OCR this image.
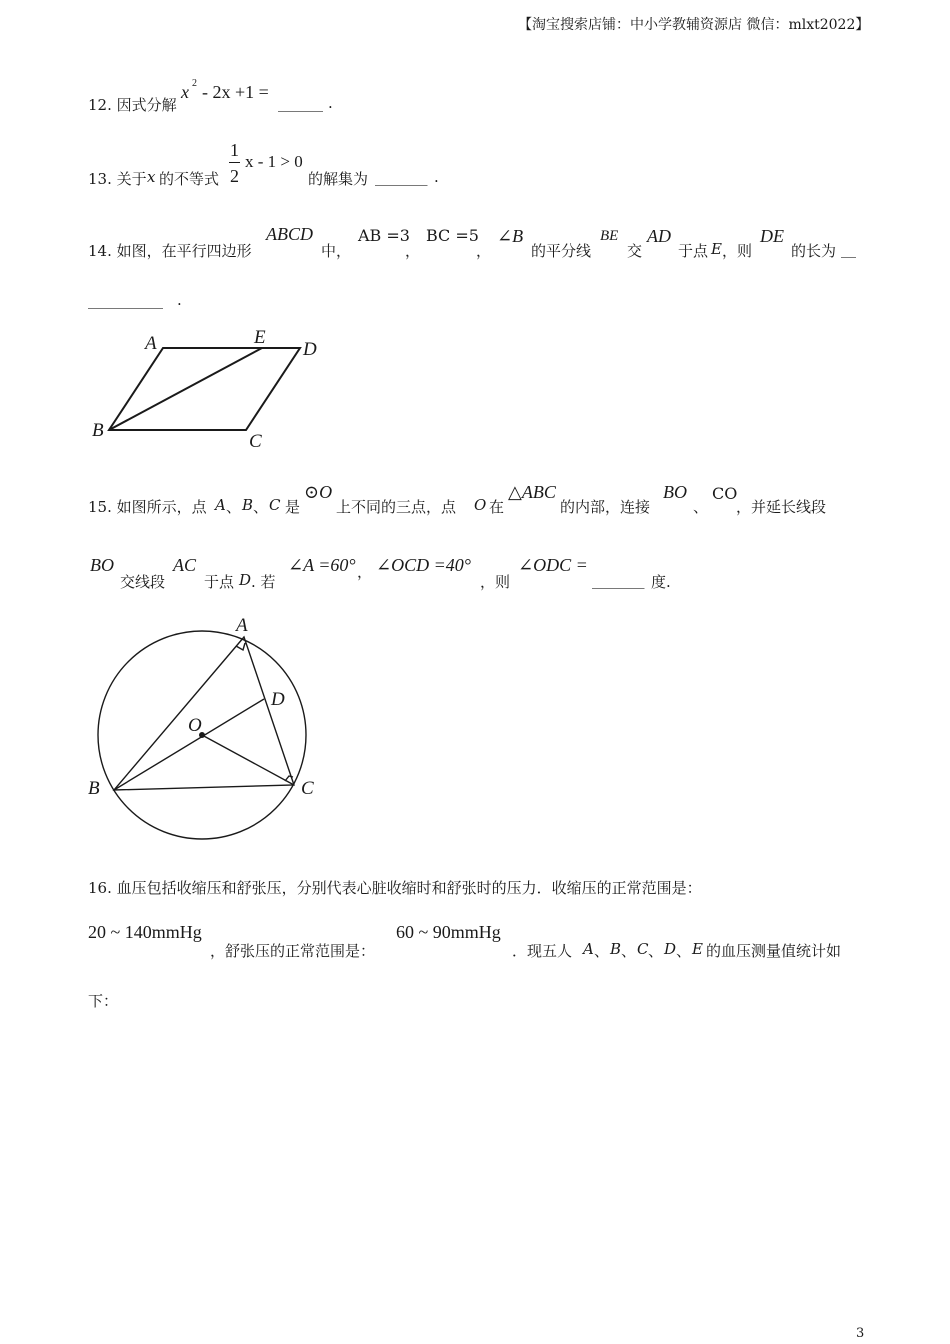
【淘宝搜索店铺：中小学教辅资源店 微信：mlxt2022】
12. 因式分解
x 2 - 2x +1 =
______ .
13. 关于 x 的不等式
1
2
x - 1 > 0
的解集为 _______ .
14. 如图，在平行四边形
ABCD
中，
AB =3
，
BC =5
，
∠B
的平分线
BE
交
AD
于点 E ，则
DE
的长为 __
__________ .
A	E
D
B
C
15. 如图所示，点 A 、 B 、 C 是
⊙O
上不同的三点，点 O 在
△ABC
的内部，连接
BO
、
CO
，并延长线段
BO
交线段
AC
于点 D . 若
∠A =60° ， ∠OCD =40°
，则
∠ODC =
_______ 度.
A
D
O
B	C
16. 血压包括收缩压和舒张压，分别代表心脏收缩时和舒张时的压力．收缩压的正常范围是：
20 ~ 140mmHg
，舒张压的正常范围是：
60 ~ 90mmHg
．现五人 A 、 B 、 C 、 D 、 E 的血压测量值统计如
下：
3
